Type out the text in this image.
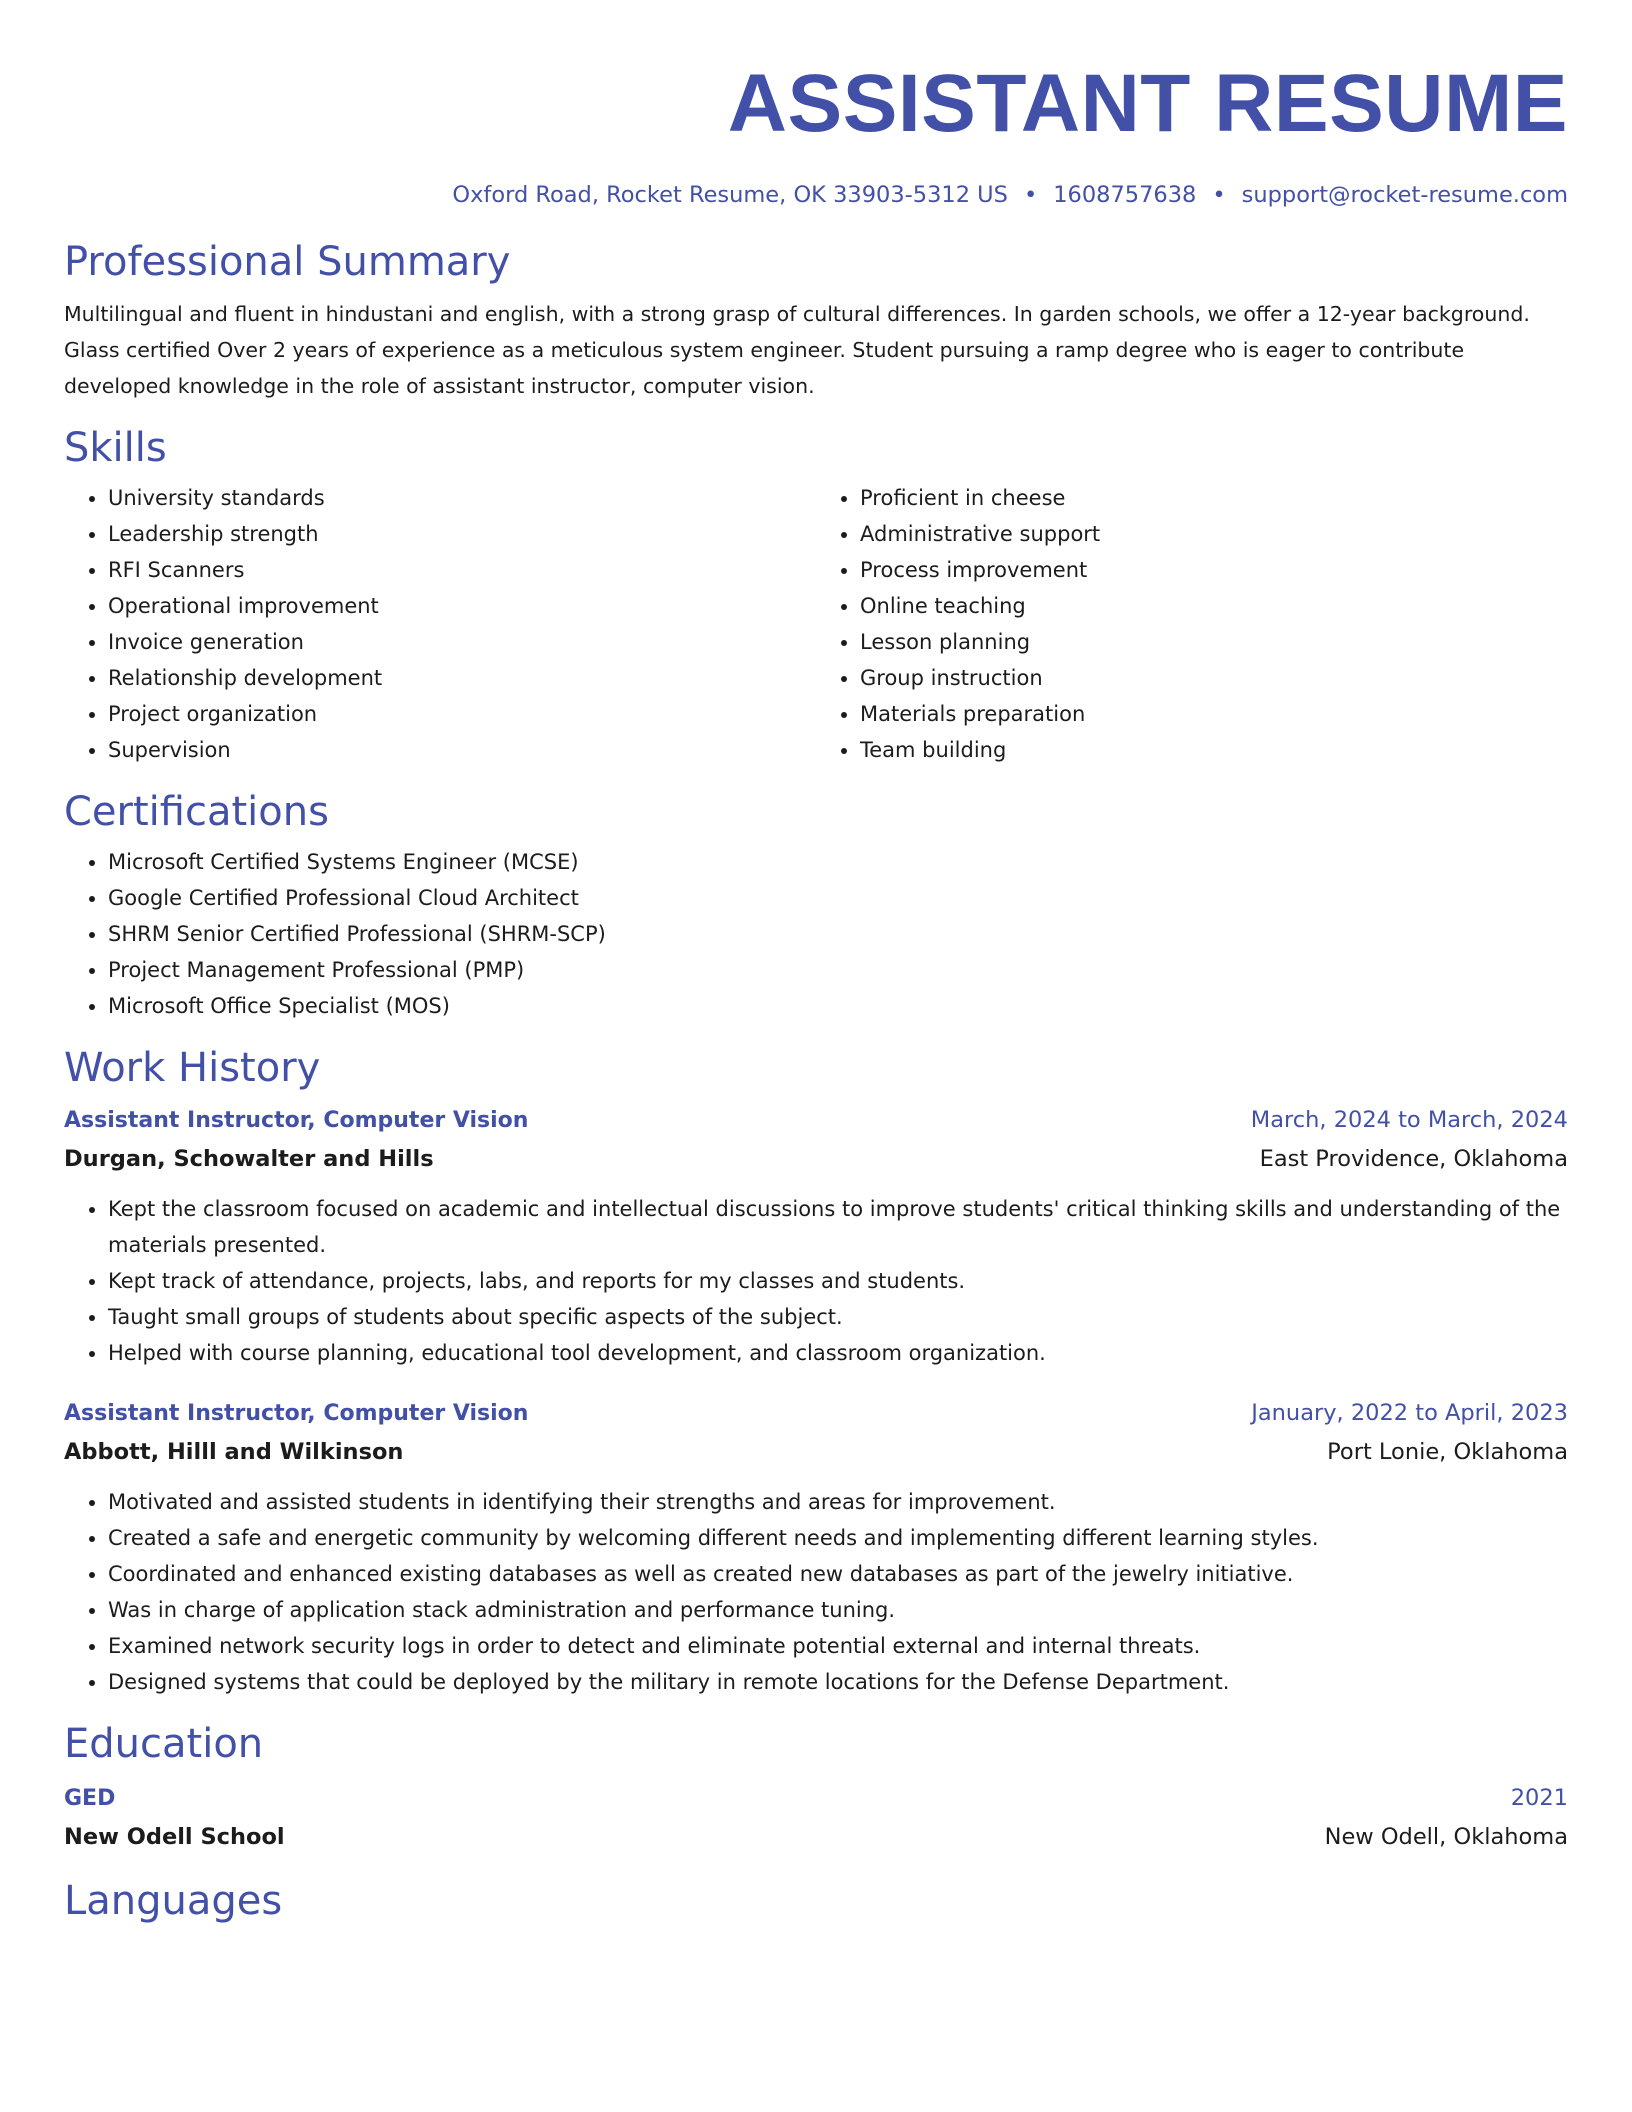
ASSISTANT RESUME
Oxford Road, Rocket Resume, OK 33903-5312 US • 1608757638 • support@rocket-resume.com
Professional Summary

Multilingual and fluent in hindustani and english, with a strong grasp of cultural differences. In garden schools, we offer a 12-year background. Glass certified Over 2 years of experience as a meticulous system engineer. Student pursuing a ramp degree who is eager to contribute developed knowledge in the role of assistant instructor, computer vision.

Skills
• University standards
• Leadership strength
• RFI Scanners
• Operational improvement
• Invoice generation
• Relationship development
• Project organization
• Supervision
• Proficient in cheese
• Administrative support
• Process improvement
• Online teaching
• Lesson planning
• Group instruction
• Materials preparation
• Team building
Certifications
• Microsoft Certified Systems Engineer (MCSE)
• Google Certified Professional Cloud Architect
• SHRM Senior Certified Professional (SHRM-SCP)
• Project Management Professional (PMP)
• Microsoft Office Specialist (MOS)
Work History
Assistant Instructor, Computer Vision	March, 2024 to March, 2024
Durgan, Schowalter and Hills	East Providence, Oklahoma
• Kept the classroom focused on academic and intellectual discussions to improve students' critical thinking skills and understanding of the materials presented.
• Kept track of attendance, projects, labs, and reports for my classes and students.
• Taught small groups of students about specific aspects of the subject.
• Helped with course planning, educational tool development, and classroom organization.
Assistant Instructor, Computer Vision	January, 2022 to April, 2023
Abbott, Hilll and Wilkinson	Port Lonie, Oklahoma
• Motivated and assisted students in identifying their strengths and areas for improvement.
• Created a safe and energetic community by welcoming different needs and implementing different learning styles.
• Coordinated and enhanced existing databases as well as created new databases as part of the jewelry initiative.
• Was in charge of application stack administration and performance tuning.
• Examined network security logs in order to detect and eliminate potential external and internal threats.
• Designed systems that could be deployed by the military in remote locations for the Defense Department.
Education
GED	2021
New Odell School	New Odell, Oklahoma
Languages
